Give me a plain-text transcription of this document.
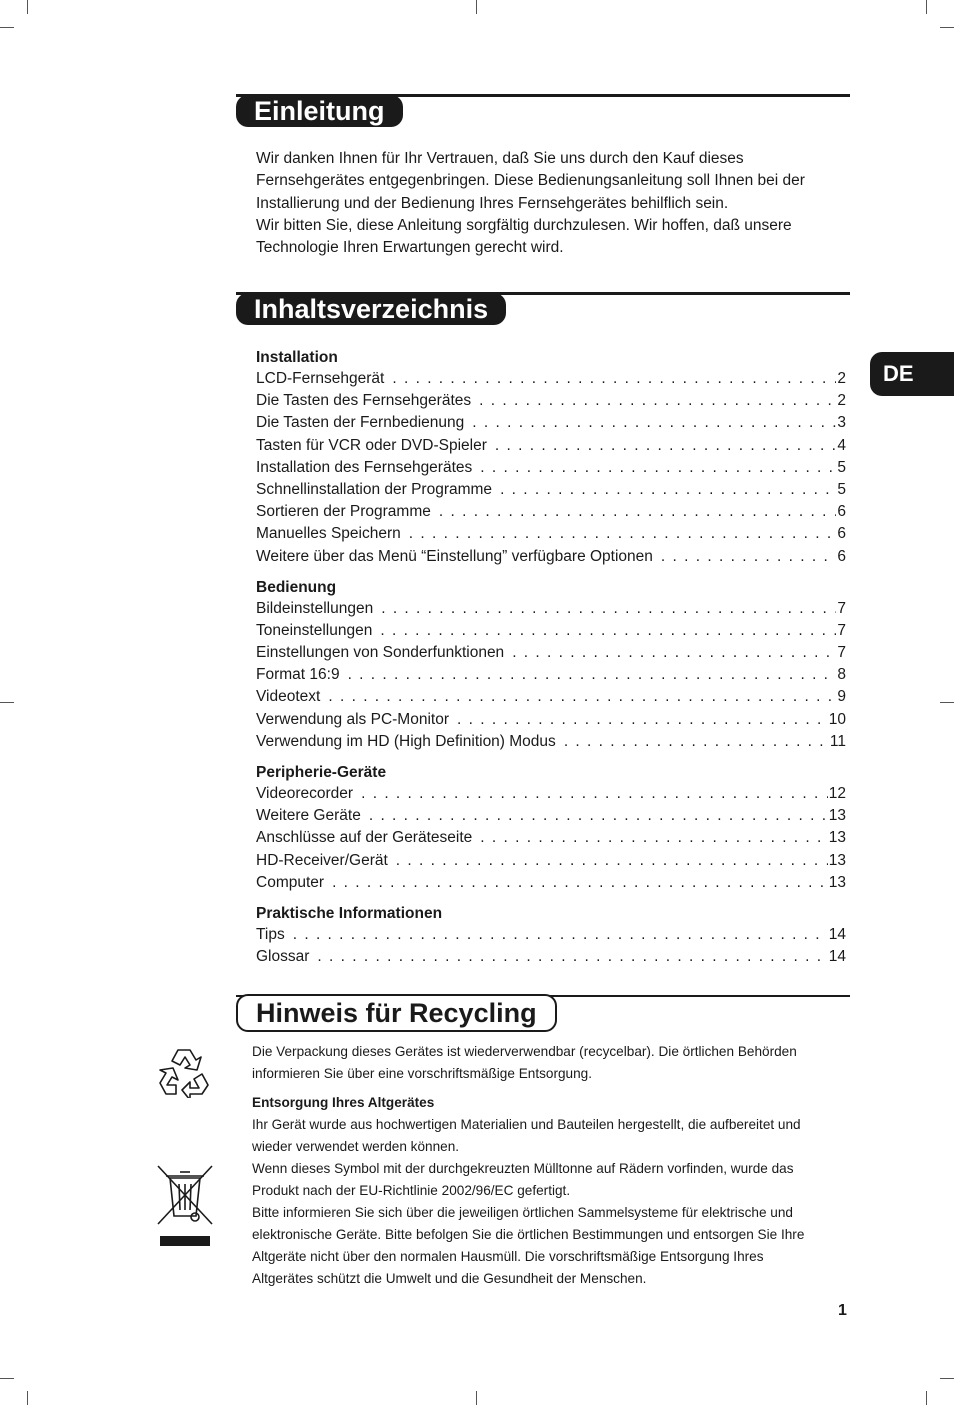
Einleitung

Wir danken Ihnen für Ihr Vertrauen, daß Sie uns durch den Kauf dieses
Fernsehgerätes entgegenbringen. Diese Bedienungsanleitung soll Ihnen bei der
Installierung und der Bedienung Ihres Fernsehgerätes behilflich sein.
Wir bitten Sie, diese Anleitung sorgfältig durchzulesen. Wir hoffen, daß unsere
Technologie Ihren Erwartungen gerecht wird.

Inhaltsverzeichnis
Installation
LCD-Fernsehgerät . . .	2
Die Tasten des Fernsehgerätes . . .	2
Die Tasten der Fernbedienung . . .	3
Tasten für VCR oder DVD-Spieler . . .	4
Installation des Fernsehgerätes . . .	5
Schnellinstallation der Programme . . .	5
Sortieren der Programme . . .	6
Manuelles Speichern . . .	6
Weitere über das Menü “Einstellung” verfügbare Optionen . . .	6
Bedienung
Bildeinstellungen . . .	7
Toneinstellungen . . .	7
Einstellungen von Sonderfunktionen . . .	7
Format 16:9 . . .	8
Videotext . . .	9
Verwendung als PC-Monitor . . .	10
Verwendung im HD (High Definition) Modus . . .	11
Peripherie-Geräte
Videorecorder . . .	12
Weitere Geräte . . .	13
Anschlüsse auf der Geräteseite . . .	13
HD-Receiver/Gerät . . .	13
Computer . . .	13
Praktische Informationen
Tips . . .	14
Glossar . . .	14
DE
Hinweis für Recycling

Die Verpackung dieses Gerätes ist wiederverwendbar (recycelbar). Die örtlichen Behörden
informieren Sie über eine vorschriftsmäßige Entsorgung.

Entsorgung Ihres Altgerätes
Ihr Gerät wurde aus hochwertigen Materialien und Bauteilen hergestellt, die aufbereitet und
wieder verwendet werden können.
Wenn dieses Symbol mit der durchgekreuzten Mülltonne auf Rädern vorfinden, wurde das
Produkt nach der EU-Richtlinie 2002/96/EC gefertigt.
Bitte informieren Sie sich über die jeweiligen örtlichen Sammelsysteme für elektrische und
elektronische Geräte. Bitte befolgen Sie die örtlichen Bestimmungen und entsorgen Sie Ihre
Altgeräte nicht über den normalen Hausmüll. Die vorschriftsmäßige Entsorgung Ihres
Altgerätes schützt die Umwelt und die Gesundheit der Menschen.

1
